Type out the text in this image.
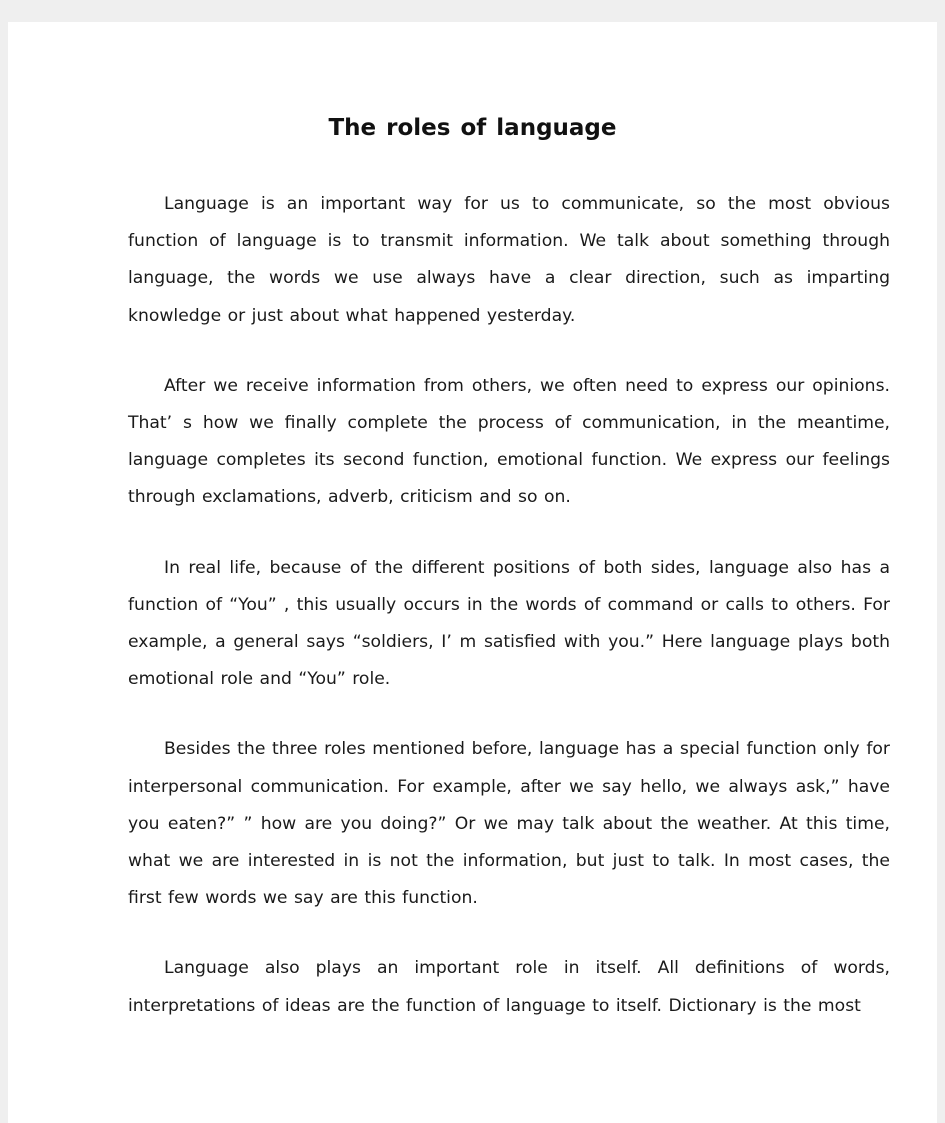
The roles of language

Language is an important way for us to communicate, so the most obvious function of language is to transmit information. We talk about something through language, the words we use always have a clear direction, such as imparting knowledge or just about what happened yesterday.

After we receive information from others, we often need to express our opinions. That’ s how we finally complete the process of communication, in the meantime, language completes its second function, emotional function. We express our feelings through exclamations, adverb, criticism and so on.

In real life, because of the different positions of both sides, language also has a function of “You” , this usually occurs in the words of command or calls to others. For example, a general says “soldiers, I’ m satisfied with you.” Here language plays both emotional role and “You” role.

Besides the three roles mentioned before, language has a special function only for interpersonal communication. For example, after we say hello, we always ask,” have you eaten?” ” how are you doing?” Or we may talk about the weather. At this time, what we are interested in is not the information, but just to talk. In most cases, the first few words we say are this function.

Language also plays an important role in itself. All definitions of words, interpretations of ideas are the function of language to itself. Dictionary is the most
